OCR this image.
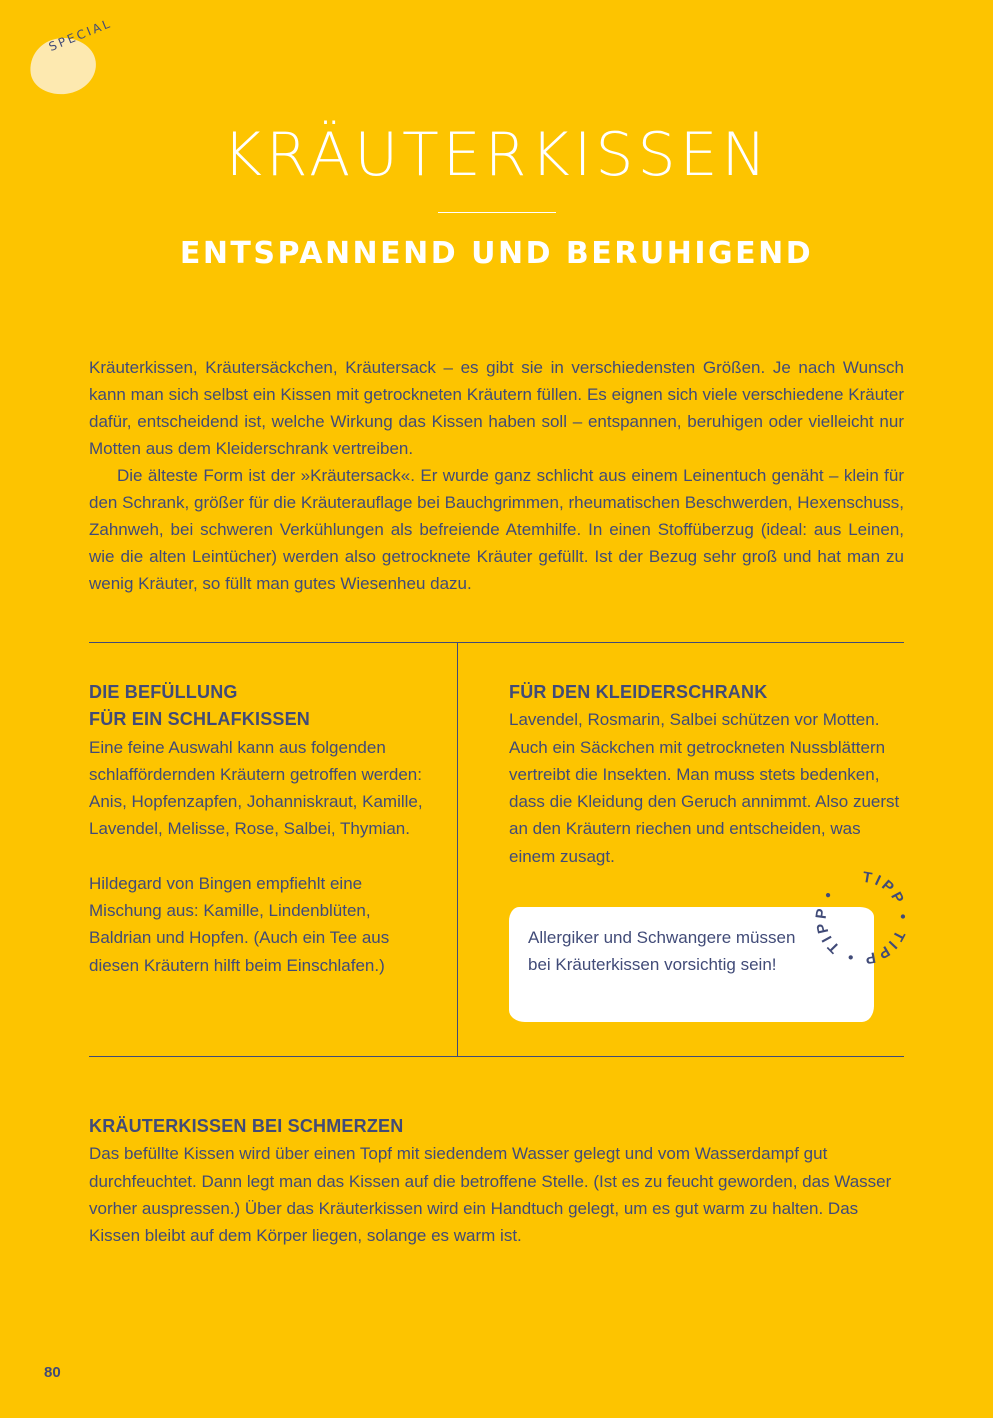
SPECIAL
KRÄUTERKISSEN
ENTSPANNEND UND BERUHIGEND

Kräuterkissen, Kräutersäckchen, Kräutersack – es gibt sie in verschiedensten Größen. Je nach Wunsch kann man sich selbst ein Kissen mit getrockneten Kräutern füllen. Es eignen sich viele verschiedene Kräuter dafür, entscheidend ist, welche Wirkung das Kissen haben soll – entspannen, beruhigen oder vielleicht nur Motten aus dem Kleiderschrank vertreiben.

Die älteste Form ist der »Kräutersack«. Er wurde ganz schlicht aus einem Leinentuch genäht – klein für den Schrank, größer für die Kräuterauflage bei Bauchgrimmen, rheumatischen Beschwerden, Hexenschuss, Zahnweh, bei schweren Verkühlungen als befreiende Atemhilfe. In einen Stoffüberzug (ideal: aus Leinen, wie die alten Leintücher) werden also getrocknete Kräuter gefüllt. Ist der Bezug sehr groß und hat man zu wenig Kräuter, so füllt man gutes Wiesenheu dazu.

DIE BEFÜLLUNG
FÜR EIN SCHLAFKISSEN

Eine feine Auswahl kann aus folgenden schlaffördernden Kräutern getroffen werden: Anis, Hopfenzapfen, Johanniskraut, Kamille, Lavendel, Melisse, Rose, Salbei, Thymian.

Hildegard von Bingen empfiehlt eine Mischung aus: Kamille, Lindenblüten, Baldrian und Hopfen. (Auch ein Tee aus diesen Kräutern hilft beim Einschlafen.)

FÜR DEN KLEIDERSCHRANK

Lavendel, Rosmarin, Salbei schützen vor Motten. Auch ein Säckchen mit getrockneten Nussblättern vertreibt die Insekten. Man muss stets bedenken, dass die Kleidung den Geruch annimmt. Also zuerst an den Kräutern riechen und entscheiden, was einem zusagt.

Allergiker und Schwangere müssen bei Kräuterkissen vorsichtig sein!

TIPP • TIPP • TIPP •
KRÄUTERKISSEN BEI SCHMERZEN

Das befüllte Kissen wird über einen Topf mit siedendem Wasser gelegt und vom Wasserdampf gut durchfeuchtet. Dann legt man das Kissen auf die betroffene Stelle. (Ist es zu feucht geworden, das Wasser vorher auspressen.) Über das Kräuterkissen wird ein Handtuch gelegt, um es gut warm zu halten. Das Kissen bleibt auf dem Körper liegen, solange es warm ist.

80
